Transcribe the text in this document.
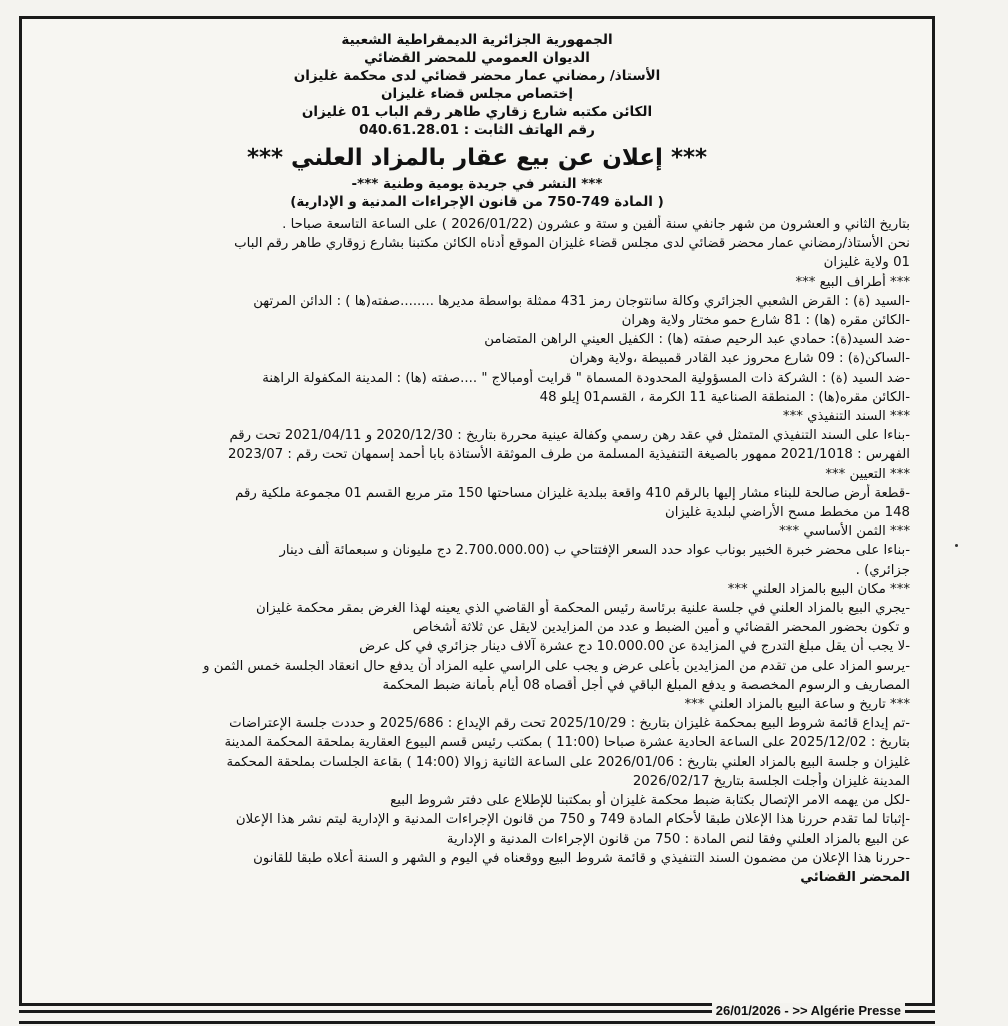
الجمهورية الجزائرية الديمقراطية الشعبية
الديوان العمومي للمحضر القضائي
الأستاذ/ رمضاني عمار محضر قضائي لدى محكمة غليزان
إختصاص مجلس قضاء غليزان
الكائن مكتبه شارع زقاري طاهر رقم الباب 01 غليزان
رقم الهاتف الثابت : 040.61.28.01
*** إعلان عن بيع عقار بالمزاد العلني ***
-*** النشر في جريدة يومية وطنية ***
(المادة 749-750 من قانون الإجراءات المدنية و الإدارية )
بتاريخ الثاني و العشرون من شهر جانفي سنة ألفين و ستة و عشرون (2026/01/22 ) على الساعة التاسعة صباحا .
نحن الأستاذ/رمضاني عمار محضر قضائي لدى مجلس قضاء غليزان الموقع أدناه الكائن مكتبنا بشارع زوقاري طاهر رقم الباب
01 ولاية غليزان
*** أطراف البيع ***
-السيد (ة) : القرض الشعبي الجزائري وكالة سانتوجان رمز 431 ممثلة بواسطة مديرها ........صفته(ها ) : الدائن المرتهن
-الكائن مقره (ها) : 81 شارع حمو مختار ولاية وهران
-ضد السيد(ة): حمادي عبد الرحيم صفته (ها) : الكفيل العيني الراهن المتضامن
-الساكن(ة) : 09 شارع محروز عبد القادر قمبيطة ،ولاية وهران
-ضد السيد (ة) : الشركة ذات المسؤولية المحدودة المسماة " قرايت أومبالاج " ....صفته (ها) : المدينة المكفولة الراهنة
-الكائن مقره(ها) : المنطقة الصناعية 11 الكرمة ، القسم01 إيلو 48
*** السند التنفيذي ***
-بناءا على السند التنفيذي المتمثل في عقد رهن رسمي وكفالة عينية محررة بتاريخ : 2020/12/30 و 2021/04/11 تحت رقم
الفهرس : 2021/1018 ممهور بالصيغة التنفيذية المسلمة من طرف الموثقة الأستاذة بابا أحمد إسمهان تحت رقم : 2023/07
*** التعيين ***
-قطعة أرض صالحة للبناء مشار إليها بالرقم 410 واقعة ببلدية غليزان مساحتها 150 متر مربع القسم 01 مجموعة ملكية رقم
148 من مخطط مسح الأراضي لبلدية غليزان
*** الثمن الأساسي ***
-بناءا على محضر خبرة الخبير بوناب عواد حدد السعر الإفتتاحي ب (2.700.000.00 دج مليونان و سبعمائة ألف دينار
جزائري) .
*** مكان البيع بالمزاد العلني ***
-يجري البيع بالمزاد العلني في جلسة علنية برئاسة رئيس المحكمة أو القاضي الذي يعينه لهذا الغرض بمقر محكمة غليزان
و تكون بحضور المحضر القضائي و أمين الضبط و عدد من المزايدين لايقل عن ثلاثة أشخاص
-لا يجب أن يقل مبلغ التدرج في المزايدة عن 10.000.00 دج عشرة آلاف دينار جزائري في كل عرض
-يرسو المزاد على من تقدم من المزايدين بأعلى عرض و يجب على الراسي عليه المزاد أن يدفع حال انعقاد الجلسة خمس الثمن و
المصاريف و الرسوم المخصصة و يدفع المبلغ الباقي في أجل أقصاه 08 أيام بأمانة ضبط المحكمة
*** تاريخ و ساعة البيع بالمزاد العلني ***
-تم إيداع قائمة شروط البيع بمحكمة غليزان بتاريخ : 2025/10/29 تحت رقم الإيداع : 2025/686 و حددت جلسة الإعتراضات
بتاريخ : 2025/12/02 على الساعة الحادية عشرة صباحا (11:00 ) بمكتب رئيس قسم البيوع العقارية بملحقة المحكمة المدينة
غليزان و جلسة البيع بالمزاد العلني بتاريخ : 2026/01/06 على الساعة الثانية زوالا (14:00 ) بقاعة الجلسات بملحقة المحكمة
المدينة غليزان وأجلت الجلسة بتاريخ 2026/02/17
-لكل من يهمه الامر الإتصال بكتابة ضبط محكمة غليزان أو بمكتبنا للإطلاع على دفتر شروط البيع
-إثباتا لما تقدم حررنا هذا الإعلان طبقا لأحكام المادة 749 و 750 من قانون الإجراءات المدنية و الإدارية ليتم نشر هذا الإعلان
عن البيع بالمزاد العلني وفقا لنص المادة : 750 من قانون الإجراءات المدنية و الإدارية
-حررنا هذا الإعلان من مضمون السند التنفيذي و قائمة شروط البيع ووقعناه في اليوم و الشهر و السنة أعلاه طبقا للقانون
المحضر القضائي
26/01/2026 - >> Algérie Presse
